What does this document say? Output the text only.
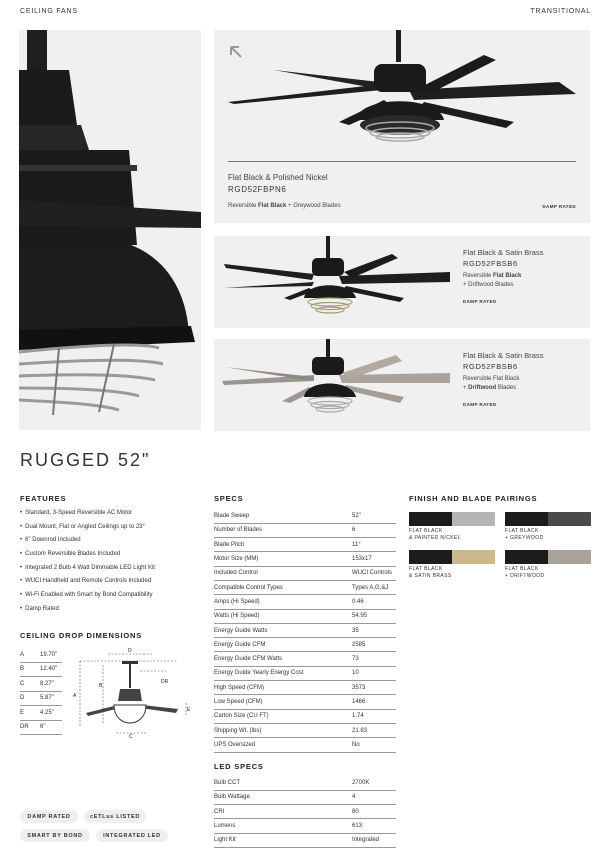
CEILING FANS	TRANSITIONAL
Flat Black & Polished Nickel
RGD52FBPN6
Reversible Flat Black + Greywood Blades	DAMP RATED
Flat Black & Satin Brass
RGD52FBSB6
Reversible Flat Black
+ Driftwood Blades
DAMP RATED
Flat Black & Satin Brass
RGD52FBSB6
Reversible Flat Black
+ Driftwood Blades
DAMP RATED
RUGGED 52"
FEATURES
• Standard, 3-Speed Reversible AC Motor
• Dual Mount, Flat or Angled Ceilings up to 23°
• 6" Downrod Included
• Custom Reversible Blades Included
• Integrated 2 Bulb 4 Watt Dimmable LED Light Kit
• WUCI Handheld and Remote Controls Included
• Wi-Fi Enabled with Smart by Bond Compatibility
• Damp Rated
CEILING DROP DIMENSIONS
A	19.70"
B	12.40"
C	8.27"
D	5.87"
E	4.25"
DR	6"
D
DR
B
A
E
C
DAMP RATED	cETLus LISTED
SMART BY BOND	INTEGRATED LED
SPECS
Blade Sweep	52"
Number of Blades	6
Blade Pitch	11°
Motor Size (MM)	153x17
Included Control	WUCI Controls
Compatible Control Types	Types A,G,&J
Amps (Hi Speed)	0.46
Watts (Hi Speed)	54.95
Energy Guide Watts	35
Energy Guide CFM	2585
Energy Guide CFM Watts	73
Energy Guide Yearly Energy Cost	10
High Speed (CFM)	3573
Low Speed (CFM)	1466
Carton Size (CU FT)	1.74
Shipping Wt. (lbs)	21.83
UPS Oversized	No
LED SPECS
Bulb CCT	2700K
Bulb Wattage	4
CRI	80
Lumens	613
Light Kit	Integrated
FINISH AND BLADE PAIRINGS
FLAT BLACK
& PAINTED NICKEL
FLAT BLACK
+ GREYWOOD
FLAT BLACK
& SATIN BRASS
FLAT BLACK
+ DRIFTWOOD
